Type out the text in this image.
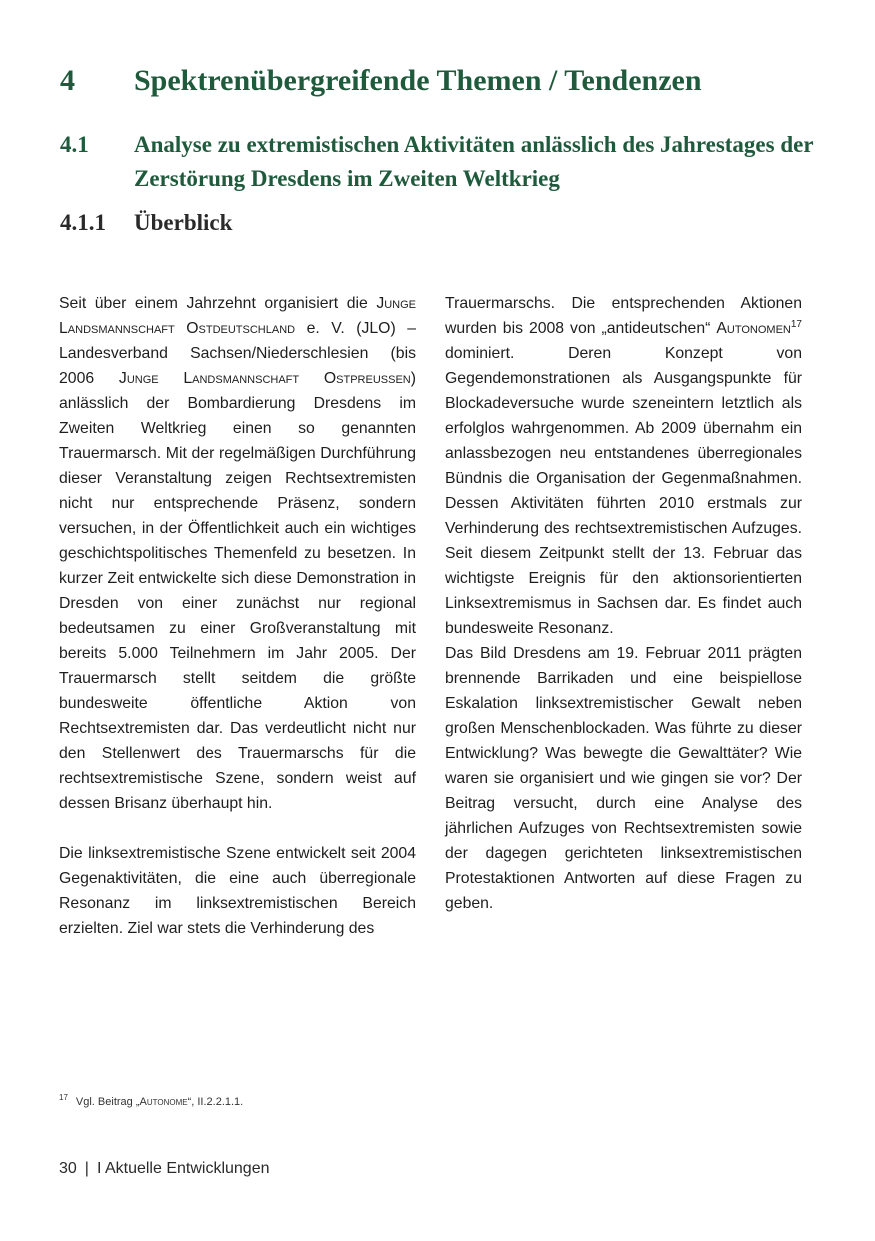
4 Spektrenübergreifende Themen / Tendenzen
4.1 Analyse zu extremistischen Aktivitäten anlässlich des Jahrestages der Zerstörung Dresdens im Zweiten Weltkrieg
4.1.1 Überblick

Seit über einem Jahrzehnt organisiert die Junge Landsmannschaft Ostdeutschland e. V. (JLO) – Landesverband Sachsen/Niederschlesien (bis 2006 Junge Landsmannschaft Ostpreussen) anlässlich der Bombardierung Dresdens im Zweiten Weltkrieg einen so genannten Trauermarsch. Mit der regelmäßigen Durchführung dieser Veranstaltung zeigen Rechtsextremisten nicht nur entsprechende Präsenz, sondern versuchen, in der Öffentlichkeit auch ein wichtiges geschichtspolitisches Themenfeld zu besetzen. In kurzer Zeit entwickelte sich diese Demonstration in Dresden von einer zunächst nur regional bedeutsamen zu einer Großveranstaltung mit bereits 5.000 Teilnehmern im Jahr 2005. Der Trauermarsch stellt seitdem die größte bundesweite öffentliche Aktion von Rechtsextremisten dar. Das verdeutlicht nicht nur den Stellenwert des Trauermarschs für die rechtsextremistische Szene, sondern weist auf dessen Brisanz überhaupt hin.

Die linksextremistische Szene entwickelt seit 2004 Gegenaktivitäten, die eine auch überregionale Resonanz im linksextremistischen Bereich erzielten. Ziel war stets die Verhinderung des

Trauermarschs. Die entsprechenden Aktionen wurden bis 2008 von „antideutschen“ Autonomen$^{17}$ dominiert. Deren Konzept von Gegendemonstrationen als Ausgangspunkte für Blockadeversuche wurde szeneintern letztlich als erfolglos wahrgenommen. Ab 2009 übernahm ein anlassbezogen neu entstandenes überregionales Bündnis die Organisation der Gegenmaßnahmen. Dessen Aktivitäten führten 2010 erstmals zur Verhinderung des rechtsextremistischen Aufzuges. Seit diesem Zeitpunkt stellt der 13. Februar das wichtigste Ereignis für den aktionsorientierten Linksextremismus in Sachsen dar. Es findet auch bundesweite Resonanz.

Das Bild Dresdens am 19. Februar 2011 prägten brennende Barrikaden und eine beispiellose Eskalation linksextremistischer Gewalt neben großen Menschenblockaden. Was führte zu dieser Entwicklung? Was bewegte die Gewalttäter? Wie waren sie organisiert und wie gingen sie vor? Der Beitrag versucht, durch eine Analyse des jährlichen Aufzuges von Rechtsextremisten sowie der dagegen gerichteten linksextremistischen Protestaktionen Antworten auf diese Fragen zu geben.

$^{17}$ Vgl. Beitrag „Autonome“, II.2.2.1.1.
30 | I Aktuelle Entwicklungen
